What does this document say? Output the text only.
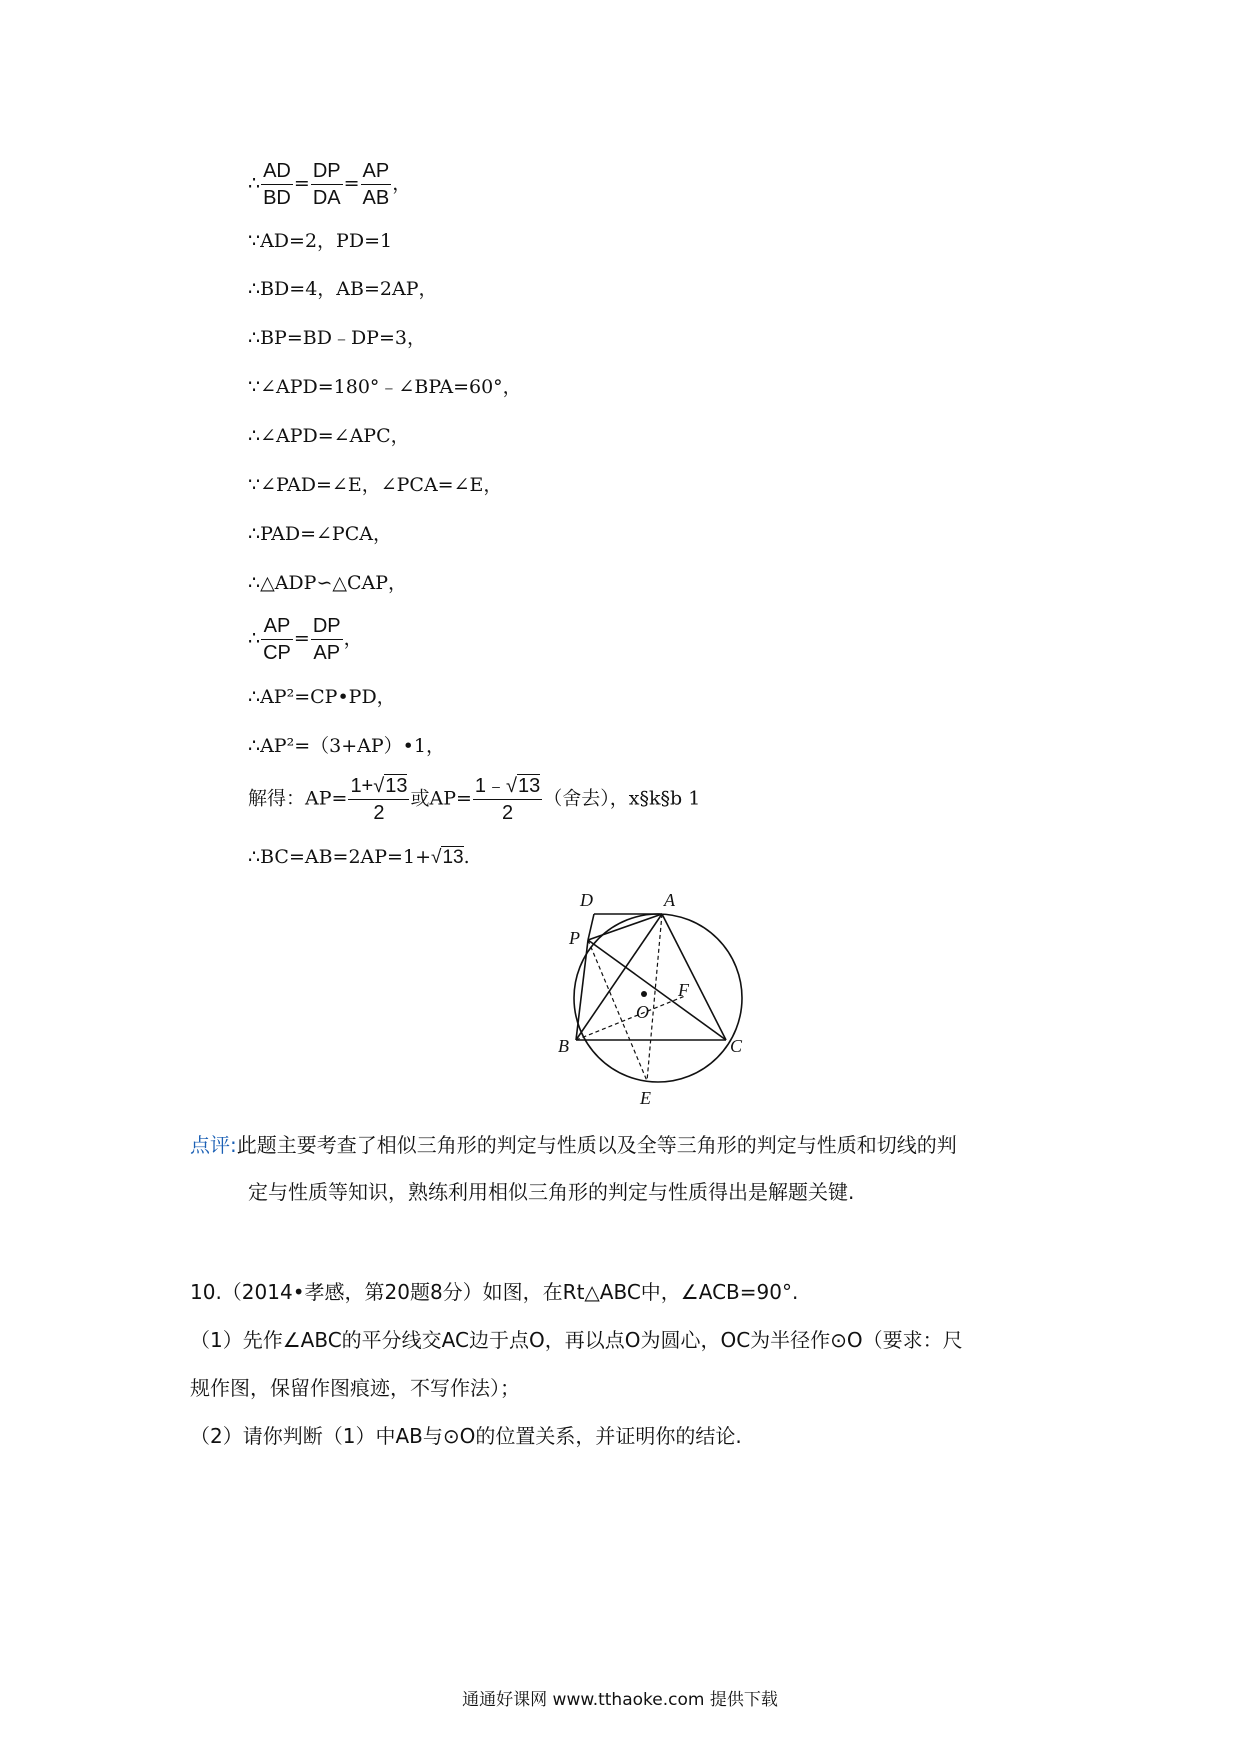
∴ $\frac{AD}{BD} = \frac{DP}{DA} = \frac{AP}{AB}$ ，
∵AD=2，PD=1
∴BD=4，AB=2AP，
∴BP=BD﹣DP=3，
∵∠APD=180°﹣∠BPA=60°，
∴∠APD=∠APC，
∵∠PAD=∠E，∠PCA=∠E，
∴PAD=∠PCA，
∴△ADP∽△CAP，
∴ $\frac{AP}{CP} = \frac{DP}{AP}$ ，
∴AP²=CP•PD，
∴AP²=（3+AP）•1，
解得：$AP= \frac{1+√13}{2}$ 或$AP= \frac{1﹣√13}{2}$ （舍去），x§k§b 1
∴BC=AB=2AP=1+√13.
D	A
P
F
O
B	C
E
点评:此题主要考查了相似三角形的判定与性质以及全等三角形的判定与性质和切线的判
定与性质等知识，熟练利用相似三角形的判定与性质得出是解题关键.
10.（2014•孝感，第20题8分）如图，在Rt△ABC中，∠ACB=90°.
（1）先作∠ABC的平分线交AC边于点O，再以点O为圆心，OC为半径作⊙O（要求：尺
规作图，保留作图痕迹，不写作法）；
（2）请你判断（1）中AB与⊙O的位置关系，并证明你的结论.
通通好课网 www.tthaoke.com 提供下载
